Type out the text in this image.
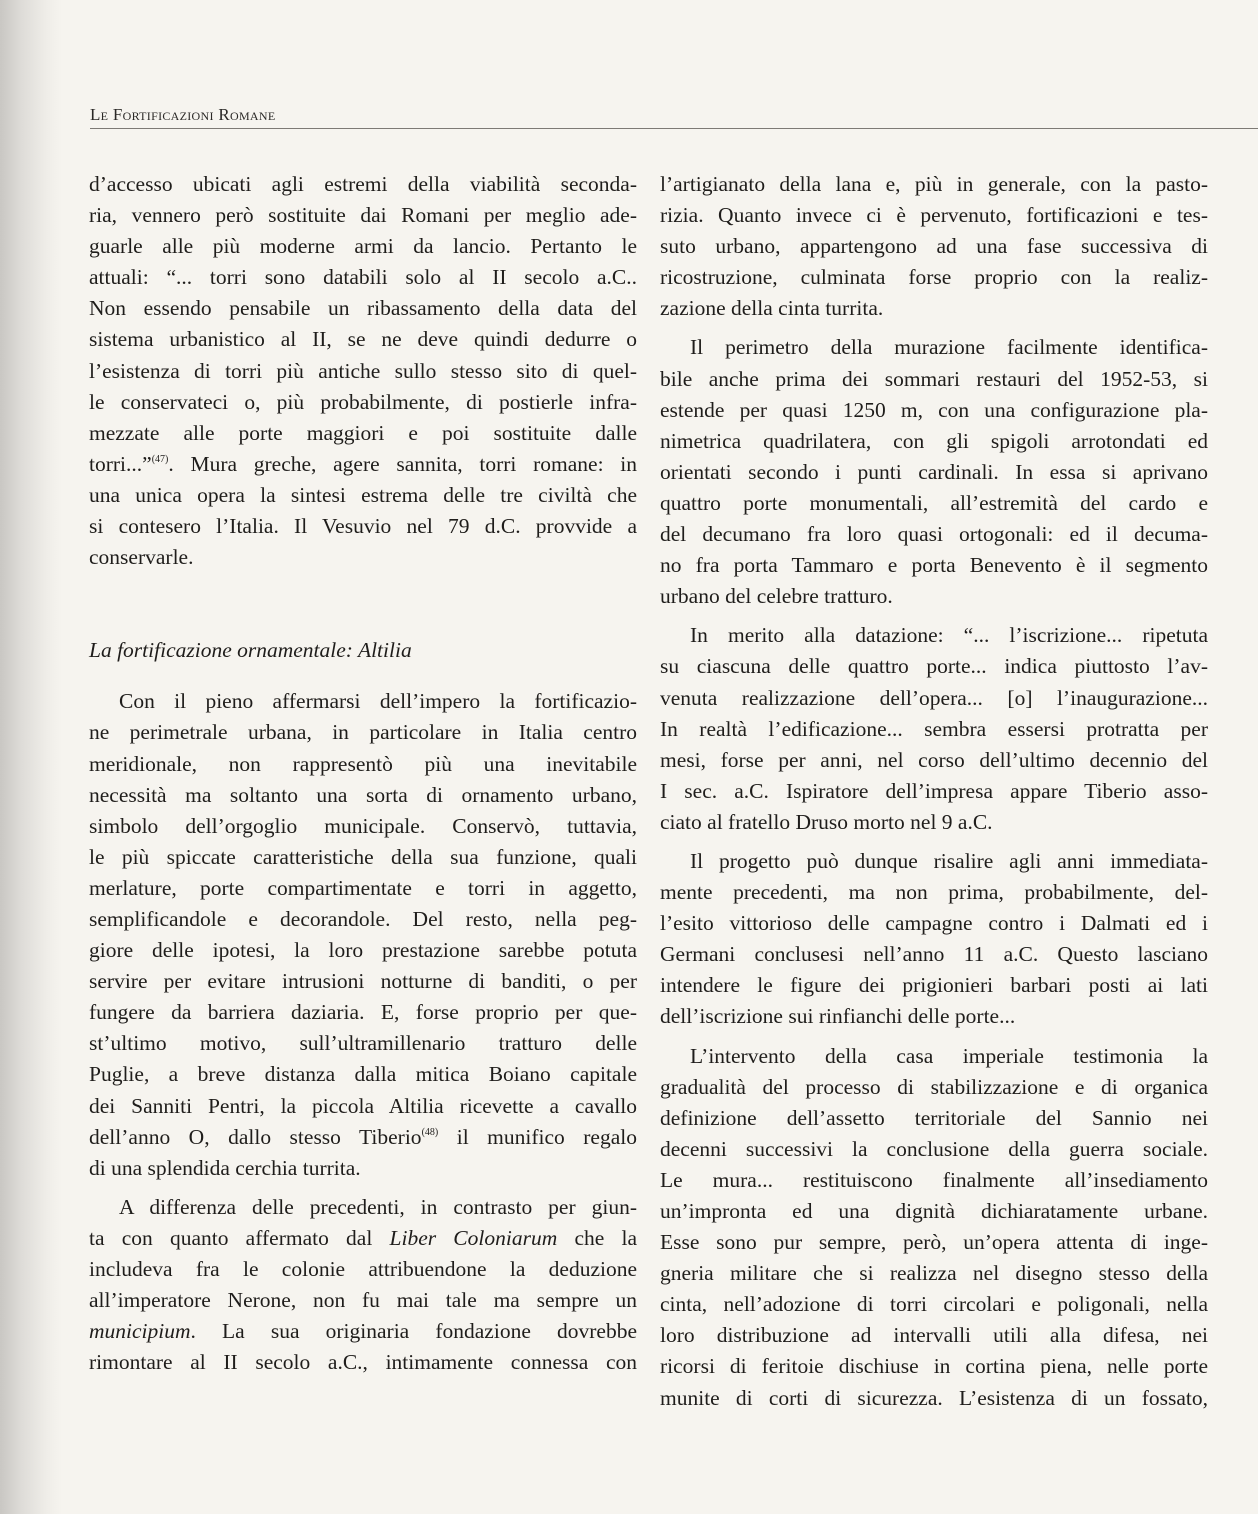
Le Fortificazioni Romane
d’accesso ubicati agli estremi della viabilità seconda-
ria, vennero però sostituite dai Romani per meglio ade-
guarle alle più moderne armi da lancio. Pertanto le
attuali: “... torri sono databili solo al II secolo a.C..
Non essendo pensabile un ribassamento della data del
sistema urbanistico al II, se ne deve quindi dedurre o
l’esistenza di torri più antiche sullo stesso sito di quel-
le conservateci o, più probabilmente, di postierle infra-
mezzate alle porte maggiori e poi sostituite dalle
torri...”$^{(47)}$. Mura greche, agere sannita, torri romane: in
una unica opera la sintesi estrema delle tre civiltà che
si contesero l’Italia. Il Vesuvio nel 79 d.C. provvide a
conservarle.
La fortificazione ornamentale: Altilia
Con il pieno affermarsi dell’impero la fortificazio-
ne perimetrale urbana, in particolare in Italia centro
meridionale, non rappresentò più una inevitabile
necessità ma soltanto una sorta di ornamento urbano,
simbolo dell’orgoglio municipale. Conservò, tuttavia,
le più spiccate caratteristiche della sua funzione, quali
merlature, porte compartimentate e torri in aggetto,
semplificandole e decorandole. Del resto, nella peg-
giore delle ipotesi, la loro prestazione sarebbe potuta
servire per evitare intrusioni notturne di banditi, o per
fungere da barriera daziaria. E, forse proprio per que-
st’ultimo motivo, sull’ultramillenario tratturo delle
Puglie, a breve distanza dalla mitica Boiano capitale
dei Sanniti Pentri, la piccola Altilia ricevette a cavallo
dell’anno O, dallo stesso Tiberio$^{(48)}$ il munifico regalo
di una splendida cerchia turrita.
A differenza delle precedenti, in contrasto per giun-
ta con quanto affermato dal Liber Coloniarum che la
includeva fra le colonie attribuendone la deduzione
all’imperatore Nerone, non fu mai tale ma sempre un
municipium. La sua originaria fondazione dovrebbe
rimontare al II secolo a.C., intimamente connessa con
l’artigianato della lana e, più in generale, con la pasto-
rizia. Quanto invece ci è pervenuto, fortificazioni e tes-
suto urbano, appartengono ad una fase successiva di
ricostruzione, culminata forse proprio con la realiz-
zazione della cinta turrita.
Il perimetro della murazione facilmente identifica-
bile anche prima dei sommari restauri del 1952-53, si
estende per quasi 1250 m, con una configurazione pla-
nimetrica quadrilatera, con gli spigoli arrotondati ed
orientati secondo i punti cardinali. In essa si aprivano
quattro porte monumentali, all’estremità del cardo e
del decumano fra loro quasi ortogonali: ed il decuma-
no fra porta Tammaro e porta Benevento è il segmento
urbano del celebre tratturo.
In merito alla datazione: “... l’iscrizione... ripetuta
su ciascuna delle quattro porte... indica piuttosto l’av-
venuta realizzazione dell’opera... [o] l’inaugurazione...
In realtà l’edificazione... sembra essersi protratta per
mesi, forse per anni, nel corso dell’ultimo decennio del
I sec. a.C. Ispiratore dell’impresa appare Tiberio asso-
ciato al fratello Druso morto nel 9 a.C.
Il progetto può dunque risalire agli anni immediata-
mente precedenti, ma non prima, probabilmente, del-
l’esito vittorioso delle campagne contro i Dalmati ed i
Germani conclusesi nell’anno 11 a.C. Questo lasciano
intendere le figure dei prigionieri barbari posti ai lati
dell’iscrizione sui rinfianchi delle porte...
L’intervento della casa imperiale testimonia la
gradualità del processo di stabilizzazione e di organica
definizione dell’assetto territoriale del Sannio nei
decenni successivi la conclusione della guerra sociale.
Le mura... restituiscono finalmente all’insediamento
un’impronta ed una dignità dichiaratamente urbane.
Esse sono pur sempre, però, un’opera attenta di inge-
gneria militare che si realizza nel disegno stesso della
cinta, nell’adozione di torri circolari e poligonali, nella
loro distribuzione ad intervalli utili alla difesa, nei
ricorsi di feritoie dischiuse in cortina piena, nelle porte
munite di corti di sicurezza. L’esistenza di un fossato,
